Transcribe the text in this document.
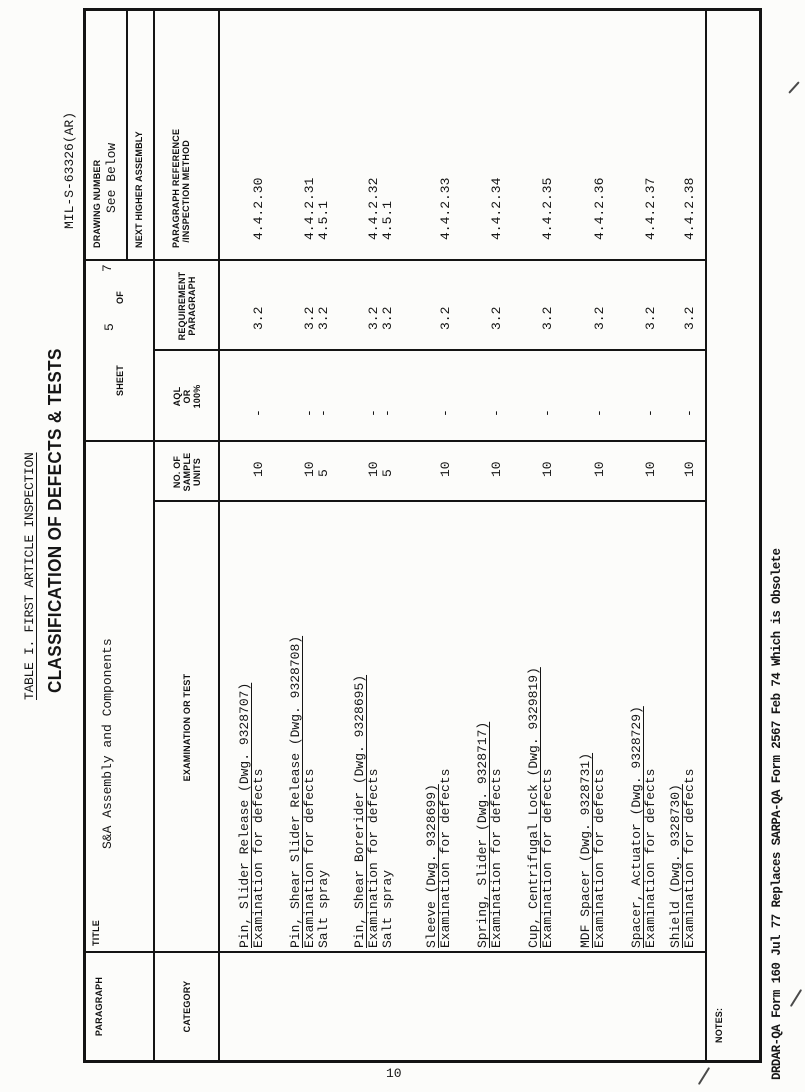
TABLE I. FIRST ARTICLE INSPECTION CLASSIFICATION OF DEFECTS & TESTS
MIL-S-63326(AR)
PARAGRAPH
TITLE
S&A Assembly and Components
SHEET
5
OF
7
DRAWING NUMBER See Below NEXT HIGHER ASSEMBLY
CATEGORY
EXAMINATION OR TEST
NO. OF SAMPLE UNITS
AQL OR 100%
REQUIREMENT PARAGRAPH
PARAGRAPH REFERENCE /INSPECTION METHOD
Pin, Slider Release (Dwg. 9328707) Examination for defects
10
-
3.2
4.4.2.30
Pin, Shear Slider Release (Dwg. 9328708) Examination for defects
10
-
3.2
4.4.2.31
Salt spray
5
-
3.2
4.5.1
Pin, Shear Borerider (Dwg. 9328695) Examination for defects
10
-
3.2
4.4.2.32
Salt spray
5
-
3.2
4.5.1
Sleeve (Dwg. 9328699) Examination for defects
10
-
3.2
4.4.2.33
Spring, Slider (Dwg. 9328717) Examination for defects
10
-
3.2
4.4.2.34
Cup, Centrifugal Lock (Dwg. 9329819) Examination for defects
10
-
3.2
4.4.2.35
MDF Spacer (Dwg. 9328731) Examination for defects
10
-
3.2
4.4.2.36
Spacer, Actuator (Dwg. 9328729) Examination for defects
10
-
3.2
4.4.2.37
Shield (Dwg. 9328730) Examination for defects
10
-
3.2
4.4.2.38
NOTES:	DRDAR-QA Form 160 Jul 77 Replaces SARPA-QA Form 2567 Feb 74 Which is Obsolete
10
